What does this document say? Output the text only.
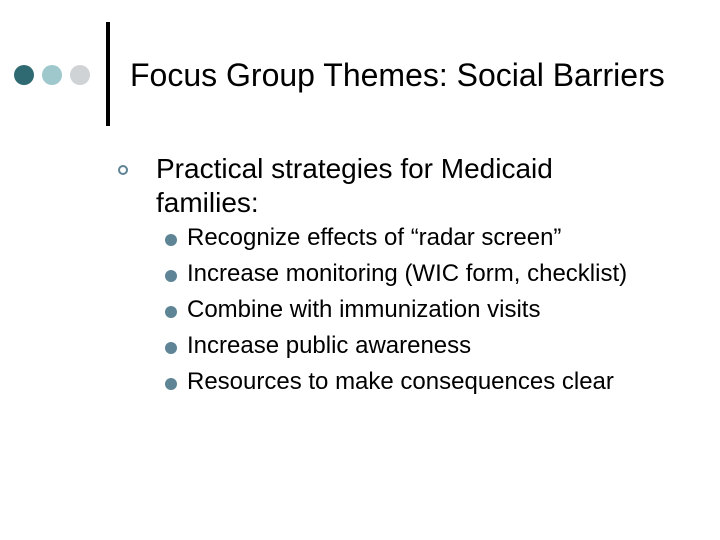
Focus Group Themes: Social Barriers
Practical strategies for Medicaid families:
Recognize effects of “radar screen”
Increase monitoring (WIC form, checklist)
Combine with immunization visits
Increase public awareness
Resources to make consequences clear
